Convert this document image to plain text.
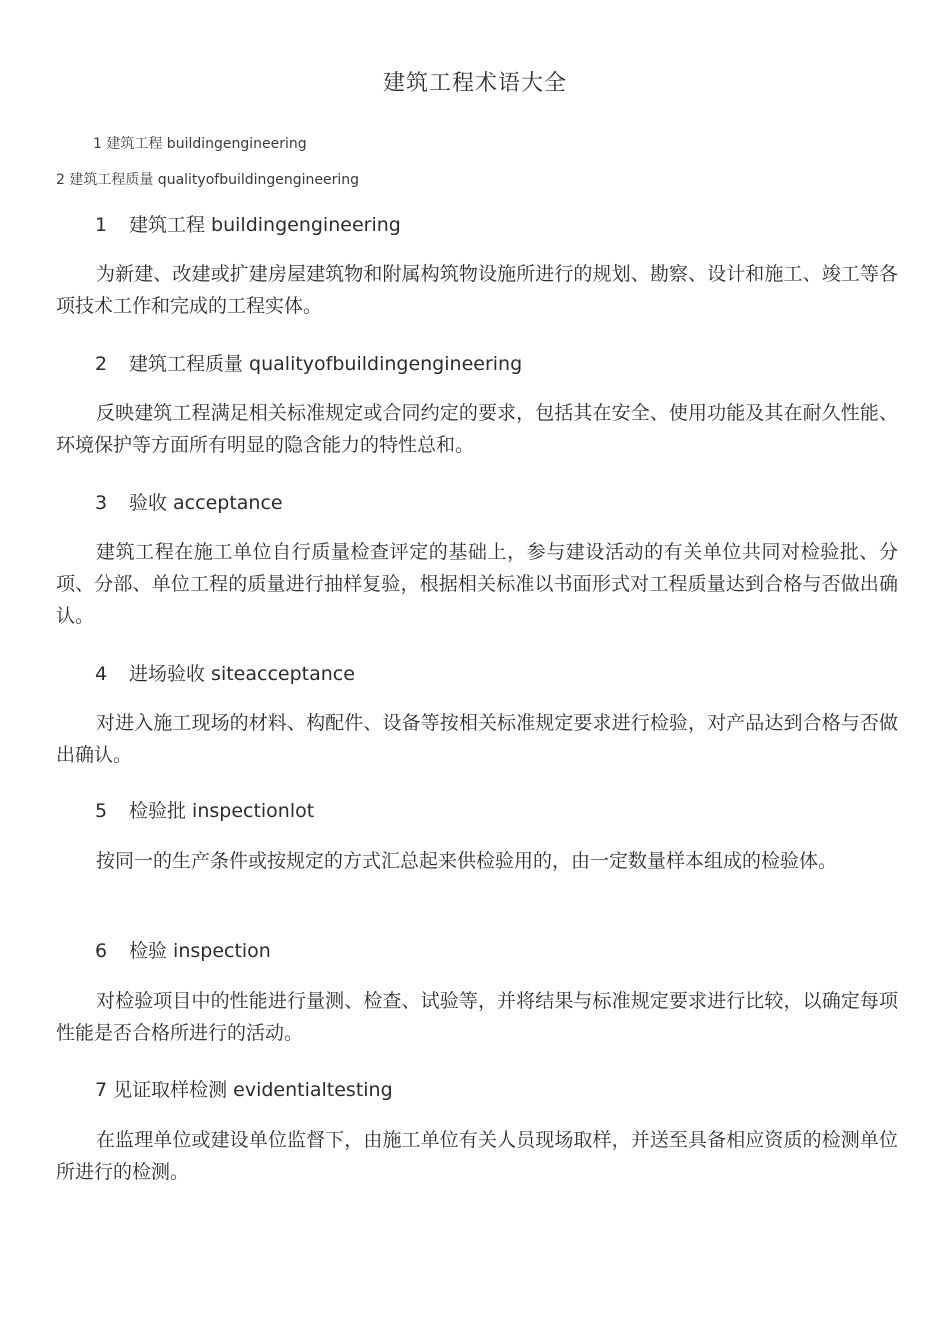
建筑工程术语大全
1 建筑工程 buildingengineering
2 建筑工程质量 qualityofbuildingengineering
1 建筑工程 buildingengineering
为新建、改建或扩建房屋建筑物和附属构筑物设施所进行的规划、勘察、设计和施工、竣工等各项技术工作和完成的工程实体。
2 建筑工程质量 qualityofbuildingengineering
反映建筑工程满足相关标准规定或合同约定的要求，包括其在安全、使用功能及其在耐久性能、环境保护等方面所有明显的隐含能力的特性总和。
3 验收 acceptance
建筑工程在施工单位自行质量检查评定的基础上，参与建设活动的有关单位共同对检验批、分项、分部、单位工程的质量进行抽样复验，根据相关标准以书面形式对工程质量达到合格与否做出确认。
4 进场验收 siteacceptance
对进入施工现场的材料、构配件、设备等按相关标准规定要求进行检验，对产品达到合格与否做出确认。
5 检验批 inspectionlot
按同一的生产条件或按规定的方式汇总起来供检验用的，由一定数量样本组成的检验体。
6 检验 inspection
对检验项目中的性能进行量测、检查、试验等，并将结果与标准规定要求进行比较，以确定每项性能是否合格所进行的活动。
7 见证取样检测 evidentialtesting
在监理单位或建设单位监督下，由施工单位有关人员现场取样，并送至具备相应资质的检测单位所进行的检测。
